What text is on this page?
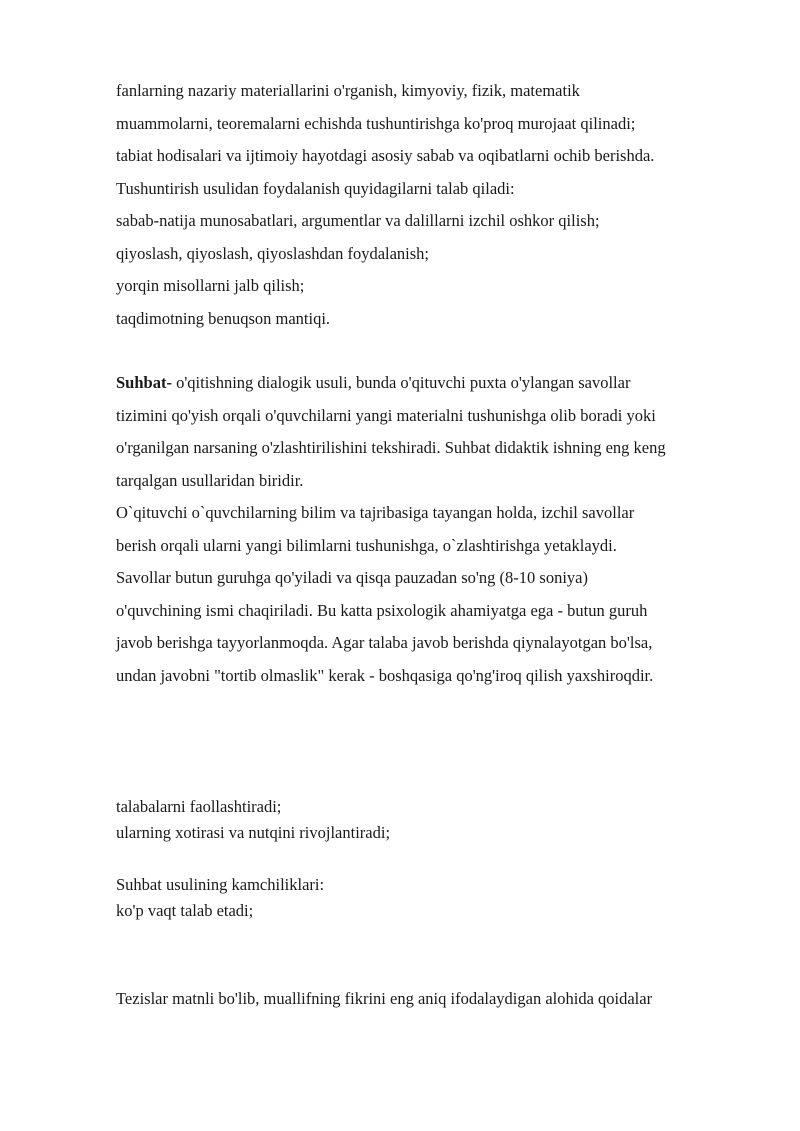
fanlarning nazariy materiallarini o'rganish, kimyoviy, fizik, matematik
muammolarni, teoremalarni echishda tushuntirishga ko'proq murojaat qilinadi;
tabiat hodisalari va ijtimoiy hayotdagi asosiy sabab va oqibatlarni ochib berishda.
Tushuntirish usulidan foydalanish quyidagilarni talab qiladi:
sabab-natija munosabatlari, argumentlar va dalillarni izchil oshkor qilish;
qiyoslash, qiyoslash, qiyoslashdan foydalanish;
yorqin misollarni jalb qilish;
taqdimotning benuqson mantiqi.
Suhbat- o'qitishning dialogik usuli, bunda o'qituvchi puxta o'ylangan savollar
tizimini qo'yish orqali o'quvchilarni yangi materialni tushunishga olib boradi yoki
o'rganilgan narsaning o'zlashtirilishini tekshiradi. Suhbat didaktik ishning eng keng
tarqalgan usullaridan biridir.
O`qituvchi o`quvchilarning bilim va tajribasiga tayangan holda, izchil savollar
berish orqali ularni yangi bilimlarni tushunishga, o`zlashtirishga yetaklaydi.
Savollar butun guruhga qo'yiladi va qisqa pauzadan so'ng (8-10 soniya)
o'quvchining ismi chaqiriladi. Bu katta psixologik ahamiyatga ega - butun guruh
javob berishga tayyorlanmoqda. Agar talaba javob berishda qiynalayotgan bo'lsa,
undan javobni "tortib olmaslik" kerak - boshqasiga qo'ng'iroq qilish yaxshiroqdir.
talabalarni faollashtiradi;
ularning xotirasi va nutqini rivojlantiradi;
Suhbat usulining kamchiliklari:
ko'p vaqt talab etadi;
Tezislar matnli bo'lib, muallifning fikrini eng aniq ifodalaydigan alohida qoidalar
